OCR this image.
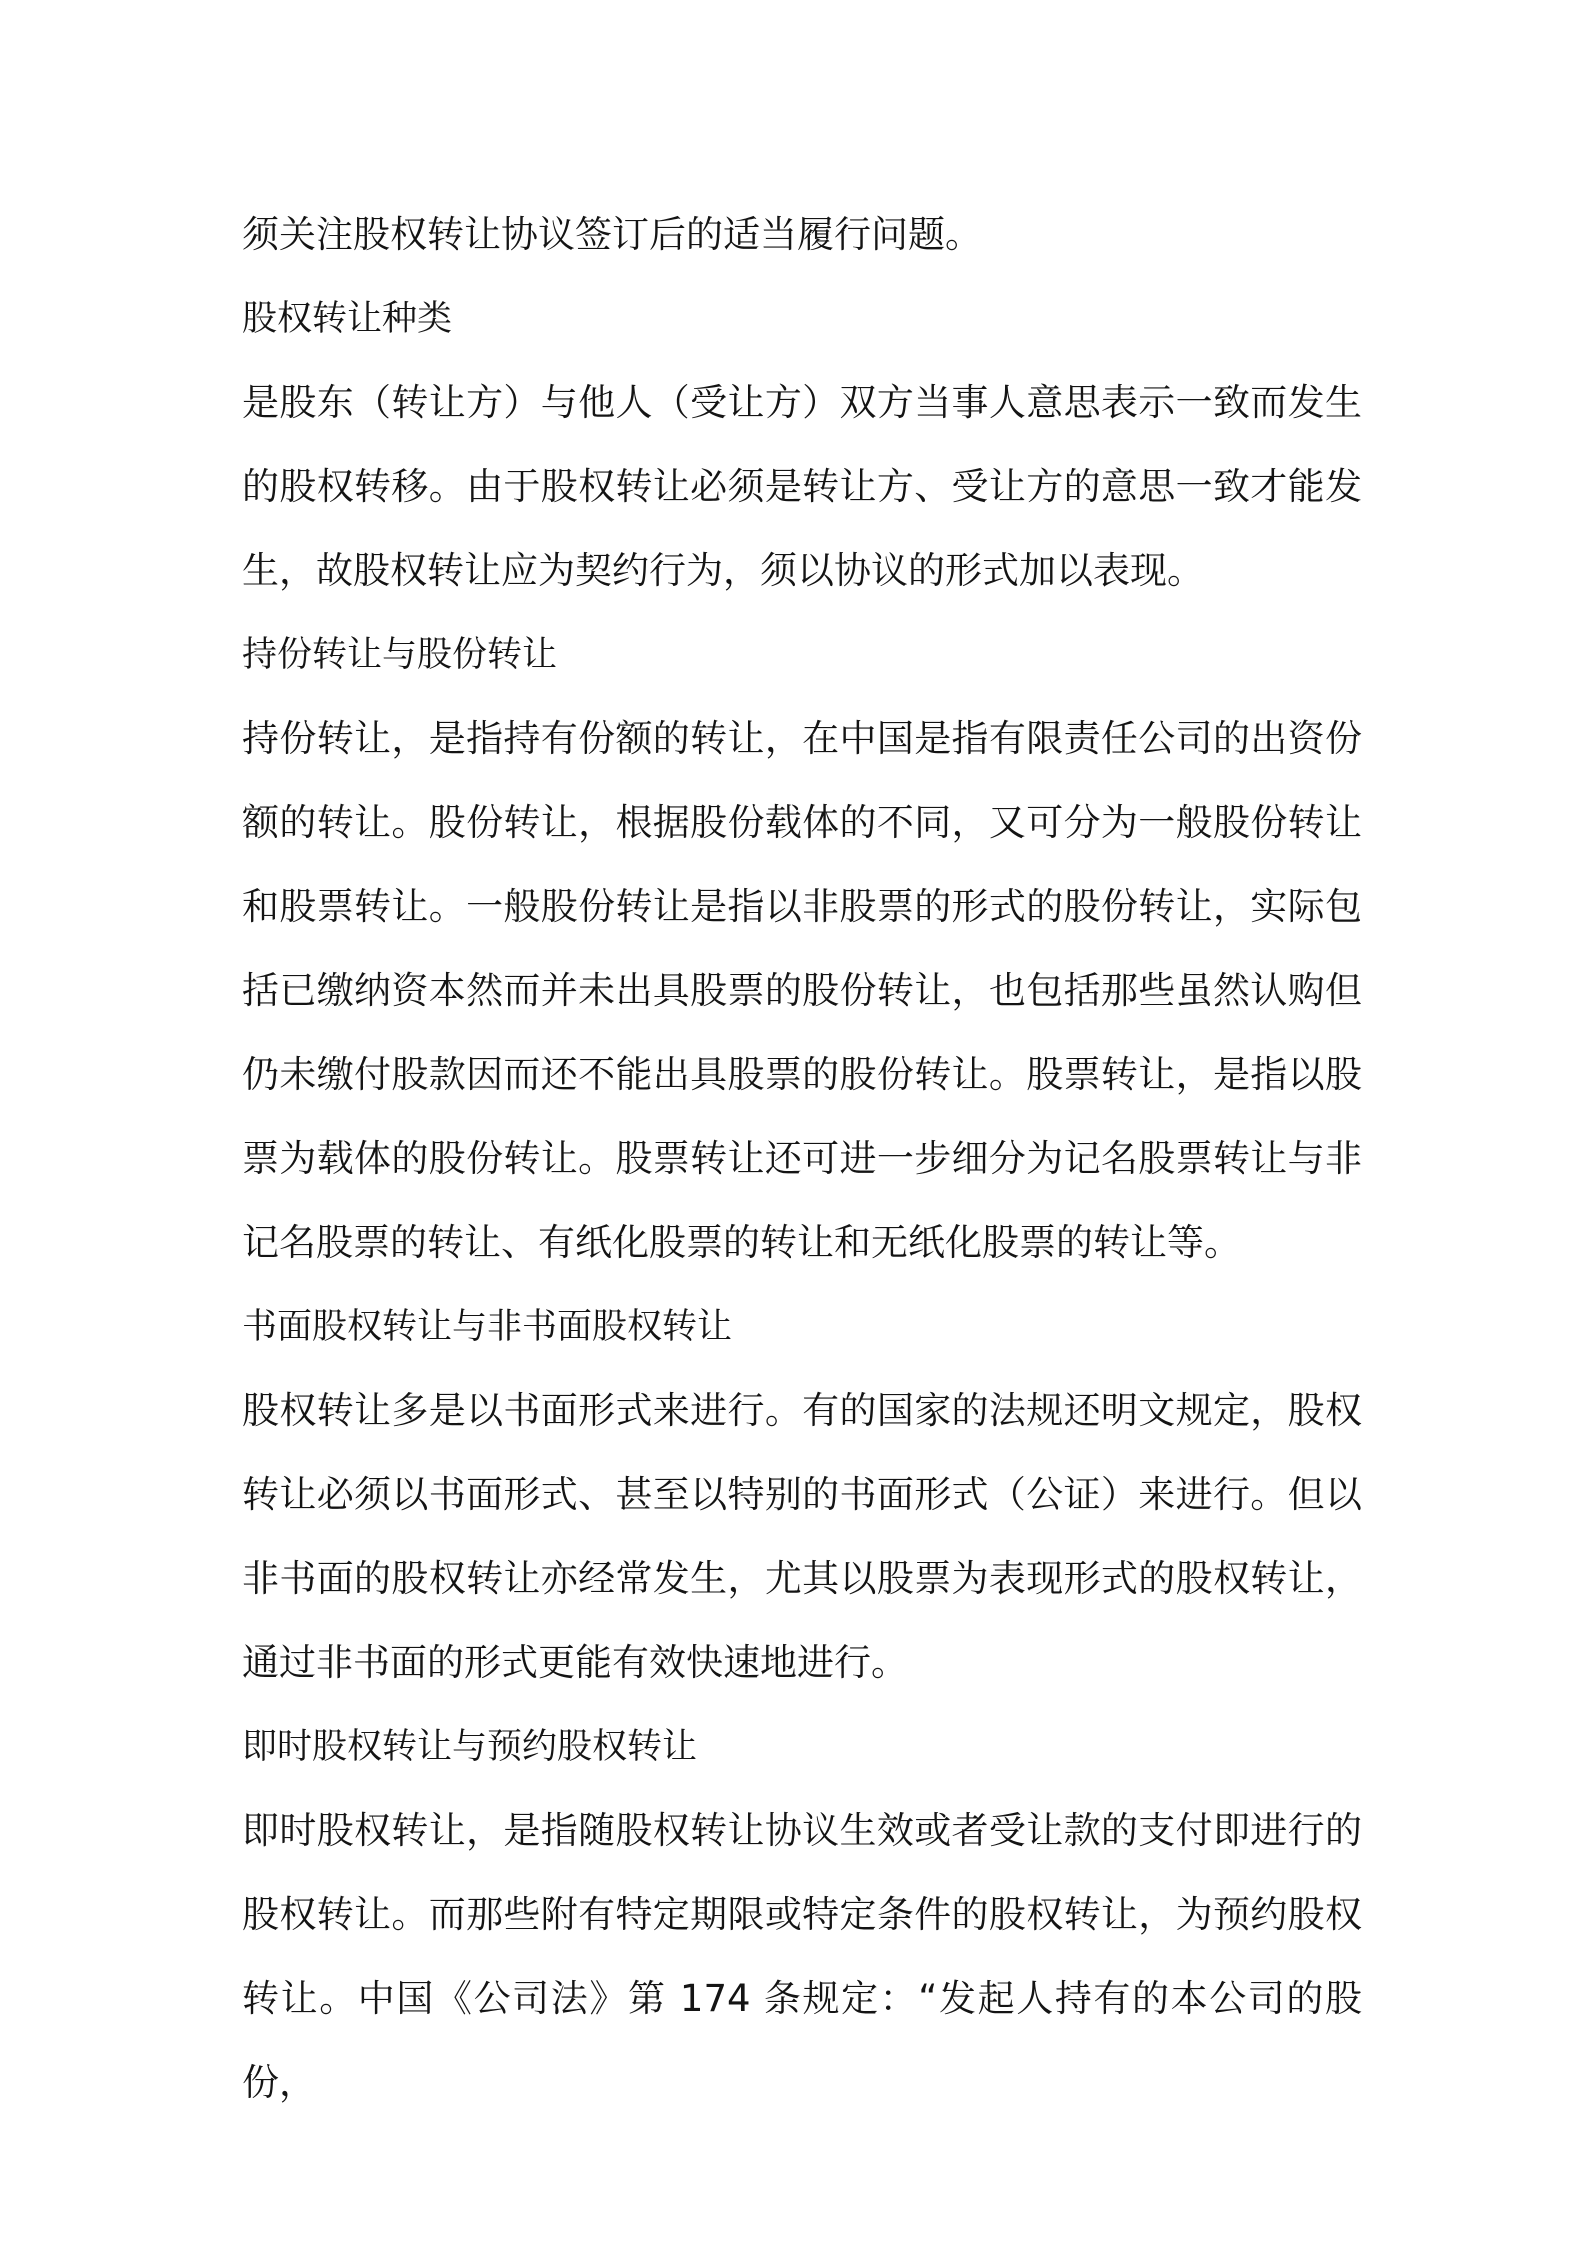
须关注股权转让协议签订后的适当履行问题。

股权转让种类

是股东（转让方）与他人（受让方）双方当事人意思表示一致而发生的股权转移。由于股权转让必须是转让方、受让方的意思一致才能发生，故股权转让应为契约行为，须以协议的形式加以表现。

持份转让与股份转让

持份转让，是指持有份额的转让，在中国是指有限责任公司的出资份额的转让。股份转让，根据股份载体的不同，又可分为一般股份转让和股票转让。一般股份转让是指以非股票的形式的股份转让，实际包括已缴纳资本然而并未出具股票的股份转让，也包括那些虽然认购但仍未缴付股款因而还不能出具股票的股份转让。股票转让，是指以股票为载体的股份转让。股票转让还可进一步细分为记名股票转让与非记名股票的转让、有纸化股票的转让和无纸化股票的转让等。

书面股权转让与非书面股权转让

股权转让多是以书面形式来进行。有的国家的法规还明文规定，股权转让必须以书面形式、甚至以特别的书面形式（公证）来进行。但以非书面的股权转让亦经常发生，尤其以股票为表现形式的股权转让，通过非书面的形式更能有效快速地进行。

即时股权转让与预约股权转让

即时股权转让，是指随股权转让协议生效或者受让款的支付即进行的股权转让。而那些附有特定期限或特定条件的股权转让，为预约股权转让。中国《公司法》第 174 条规定：“发起人持有的本公司的股份，
